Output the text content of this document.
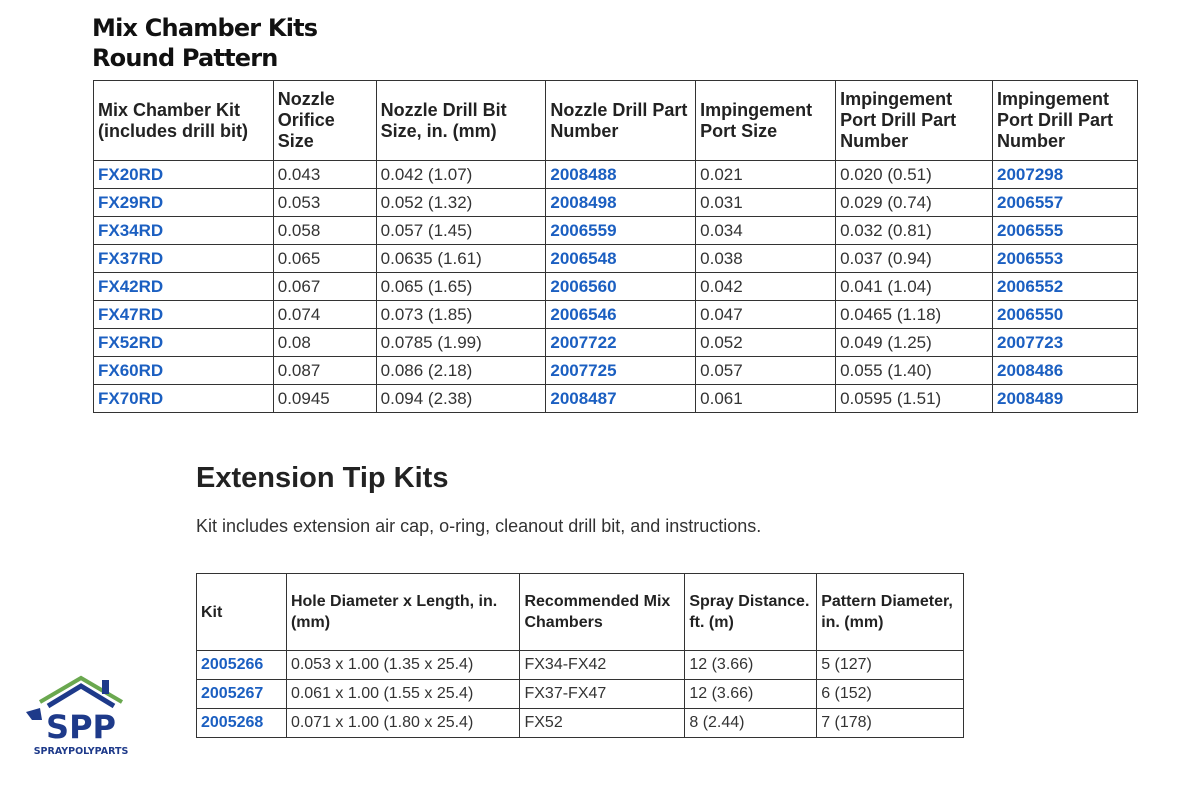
Mix Chamber Kits
Round Pattern
Mix Chamber Kit (includes drill bit)	Nozzle Orifice Size	Nozzle Drill Bit Size, in. (mm)	Nozzle Drill Part Number	Impingement Port Size	Impingement Port Drill Part Number	Impingement Port Drill Part Number
FX20RD	0.043	0.042 (1.07)	2008488	0.021	0.020 (0.51)	2007298
FX29RD	0.053	0.052 (1.32)	2008498	0.031	0.029 (0.74)	2006557
FX34RD	0.058	0.057 (1.45)	2006559	0.034	0.032 (0.81)	2006555
FX37RD	0.065	0.0635 (1.61)	2006548	0.038	0.037 (0.94)	2006553
FX42RD	0.067	0.065 (1.65)	2006560	0.042	0.041 (1.04)	2006552
FX47RD	0.074	0.073 (1.85)	2006546	0.047	0.0465 (1.18)	2006550
FX52RD	0.08	0.0785 (1.99)	2007722	0.052	0.049 (1.25)	2007723
FX60RD	0.087	0.086 (2.18)	2007725	0.057	0.055 (1.40)	2008486
FX70RD	0.0945	0.094 (2.38)	2008487	0.061	0.0595 (1.51)	2008489
Extension Tip Kits
Kit includes extension air cap, o-ring, cleanout drill bit, and instructions.
Kit	Hole Diameter x Length, in. (mm)	Recommended Mix Chambers	Spray Distance. ft. (m)	Pattern Diameter, in. (mm)
2005266	0.053 x 1.00 (1.35 x 25.4)	FX34-FX42	12 (3.66)	5 (127)
2005267	0.061 x 1.00 (1.55 x 25.4)	FX37-FX47	12 (3.66)	6 (152)
2005268	0.071 x 1.00 (1.80 x 25.4)	FX52	8 (2.44)	7 (178)
SPP
SPRAYPOLYPARTS
